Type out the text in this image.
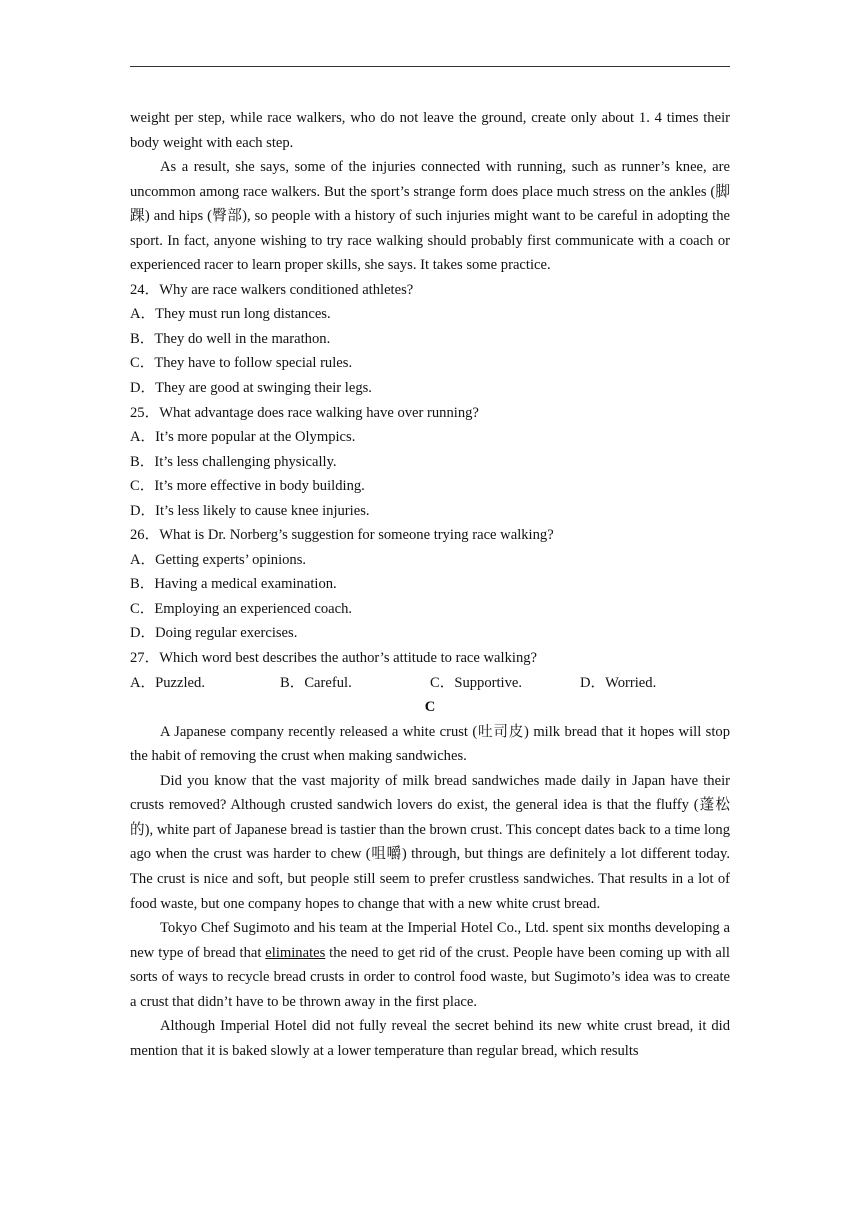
weight per step, while race walkers, who do not leave the ground, create only about 1. 4 times their body weight with each step.

As a result, she says, some of the injuries connected with running, such as runner’s knee, are uncommon among race walkers. But the sport’s strange form does place much stress on the ankles (脚 踝) and hips (臀部), so people with a history of such injuries might want to be careful in adopting the sport. In fact, anyone wishing to try race walking should probably first communicate with a coach or experienced racer to learn proper skills, she says. It takes some practice.

24．Why are race walkers conditioned athletes?

A．They must run long distances.

B．They do well in the marathon.

C．They have to follow special rules.

D．They are good at swinging their legs.

25．What advantage does race walking have over running?

A．It’s more popular at the Olympics.

B．It’s less challenging physically.

C．It’s more effective in body building.

D．It’s less likely to cause knee injuries.

26．What is Dr. Norberg’s suggestion for someone trying race walking?

A．Getting experts’ opinions.

B．Having a medical examination.

C．Employing an experienced coach.

D．Doing regular exercises.

27．Which word best describes the author’s attitude to race walking?

A．Puzzled.	B．Careful.	C．Supportive.	D．Worried.

C

A Japanese company recently released a white crust (吐司皮) milk bread that it hopes will stop the habit of removing the crust when making sandwiches.

Did you know that the vast majority of milk bread sandwiches made daily in Japan have their crusts removed? Although crusted sandwich lovers do exist, the general idea is that the fluffy (蓬松的), white part of Japanese bread is tastier than the brown crust. This concept dates back to a time long ago when the crust was harder to chew (咀嚼) through, but things are definitely a lot different today. The crust is nice and soft, but people still seem to prefer crustless sandwiches. That results in a lot of food waste, but one company hopes to change that with a new white crust bread.

Tokyo Chef Sugimoto and his team at the Imperial Hotel Co., Ltd. spent six months developing a new type of bread that eliminates the need to get rid of the crust. People have been coming up with all sorts of ways to recycle bread crusts in order to control food waste, but Sugimoto’s idea was to create a crust that didn’t have to be thrown away in the first place.

Although Imperial Hotel did not fully reveal the secret behind its new white crust bread, it did mention that it is baked slowly at a lower temperature than regular bread, which results
